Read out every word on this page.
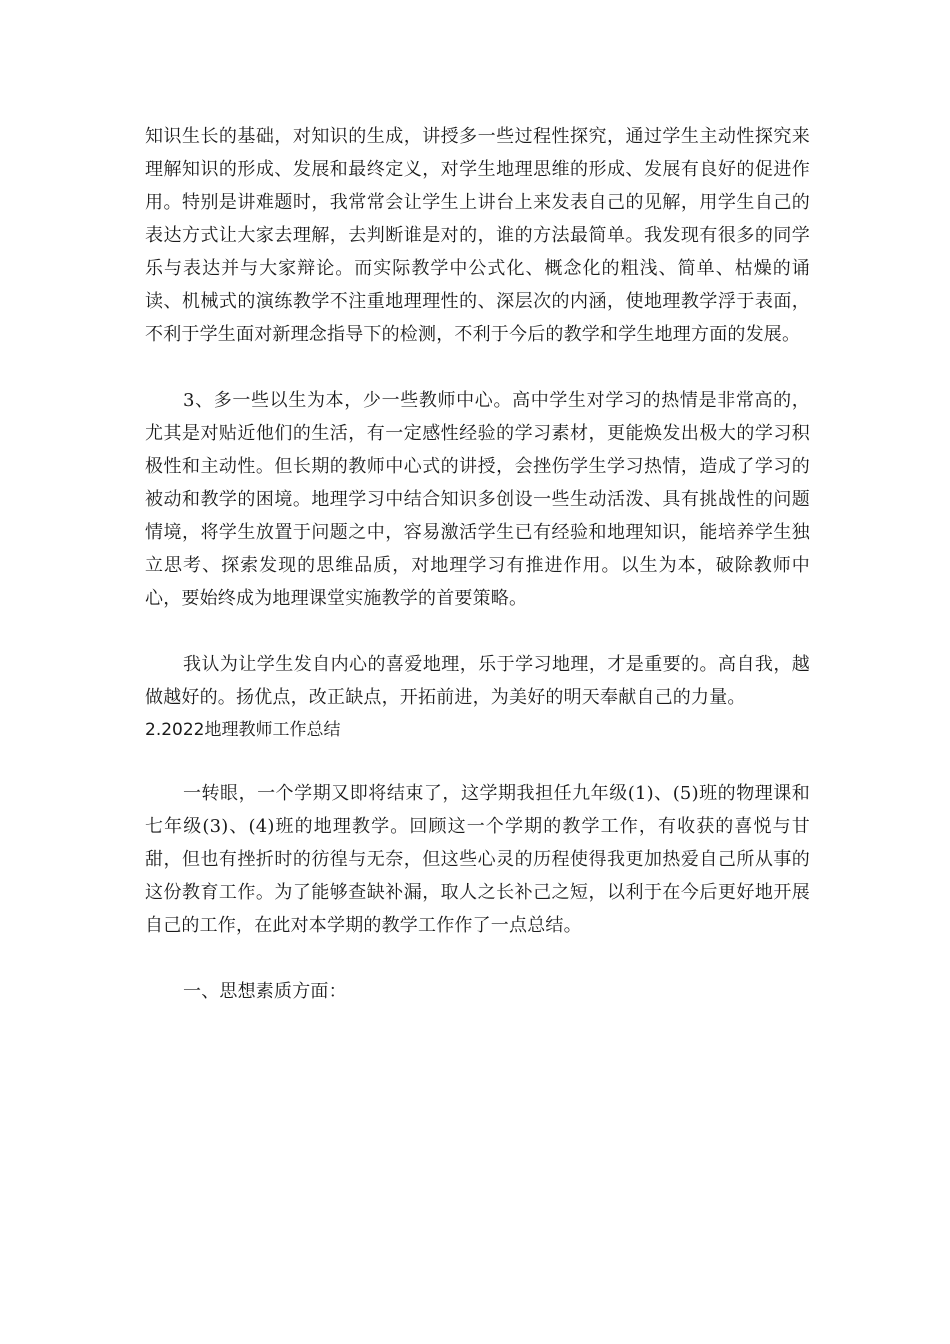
知识生长的基础，对知识的生成，讲授多一些过程性探究，通过学生主动性探究来理解知识的形成、发展和最终定义，对学生地理思维的形成、发展有良好的促进作用。特别是讲难题时，我常常会让学生上讲台上来发表自己的见解，用学生自己的表达方式让大家去理解，去判断谁是对的，谁的方法最简单。我发现有很多的同学乐与表达并与大家辩论。而实际教学中公式化、概念化的粗浅、简单、枯燥的诵读、机械式的演练教学不注重地理理性的、深层次的内涵，使地理教学浮于表面，不利于学生面对新理念指导下的检测，不利于今后的教学和学生地理方面的发展。

3、多一些以生为本，少一些教师中心。高中学生对学习的热情是非常高的，尤其是对贴近他们的生活，有一定感性经验的学习素材，更能焕发出极大的学习积极性和主动性。但长期的教师中心式的讲授，会挫伤学生学习热情，造成了学习的被动和教学的困境。地理学习中结合知识多创设一些生动活泼、具有挑战性的问题情境，将学生放置于问题之中，容易激活学生已有经验和地理知识，能培养学生独立思考、探索发现的思维品质，对地理学习有推进作用。以生为本，破除教师中心，要始终成为地理课堂实施教学的首要策略。

我认为让学生发自内心的喜爱地理，乐于学习地理，才是重要的。高自我，越做越好的。扬优点，改正缺点，开拓前进，为美好的明天奉献自己的力量。

2.2022地理教师工作总结

一转眼，一个学期又即将结束了，这学期我担任九年级(1)、(5)班的物理课和七年级(3)、(4)班的地理教学。回顾这一个学期的教学工作，有收获的喜悦与甘甜，但也有挫折时的彷徨与无奈，但这些心灵的历程使得我更加热爱自己所从事的这份教育工作。为了能够查缺补漏，取人之长补己之短，以利于在今后更好地开展自己的工作，在此对本学期的教学工作作了一点总结。

一、思想素质方面：
